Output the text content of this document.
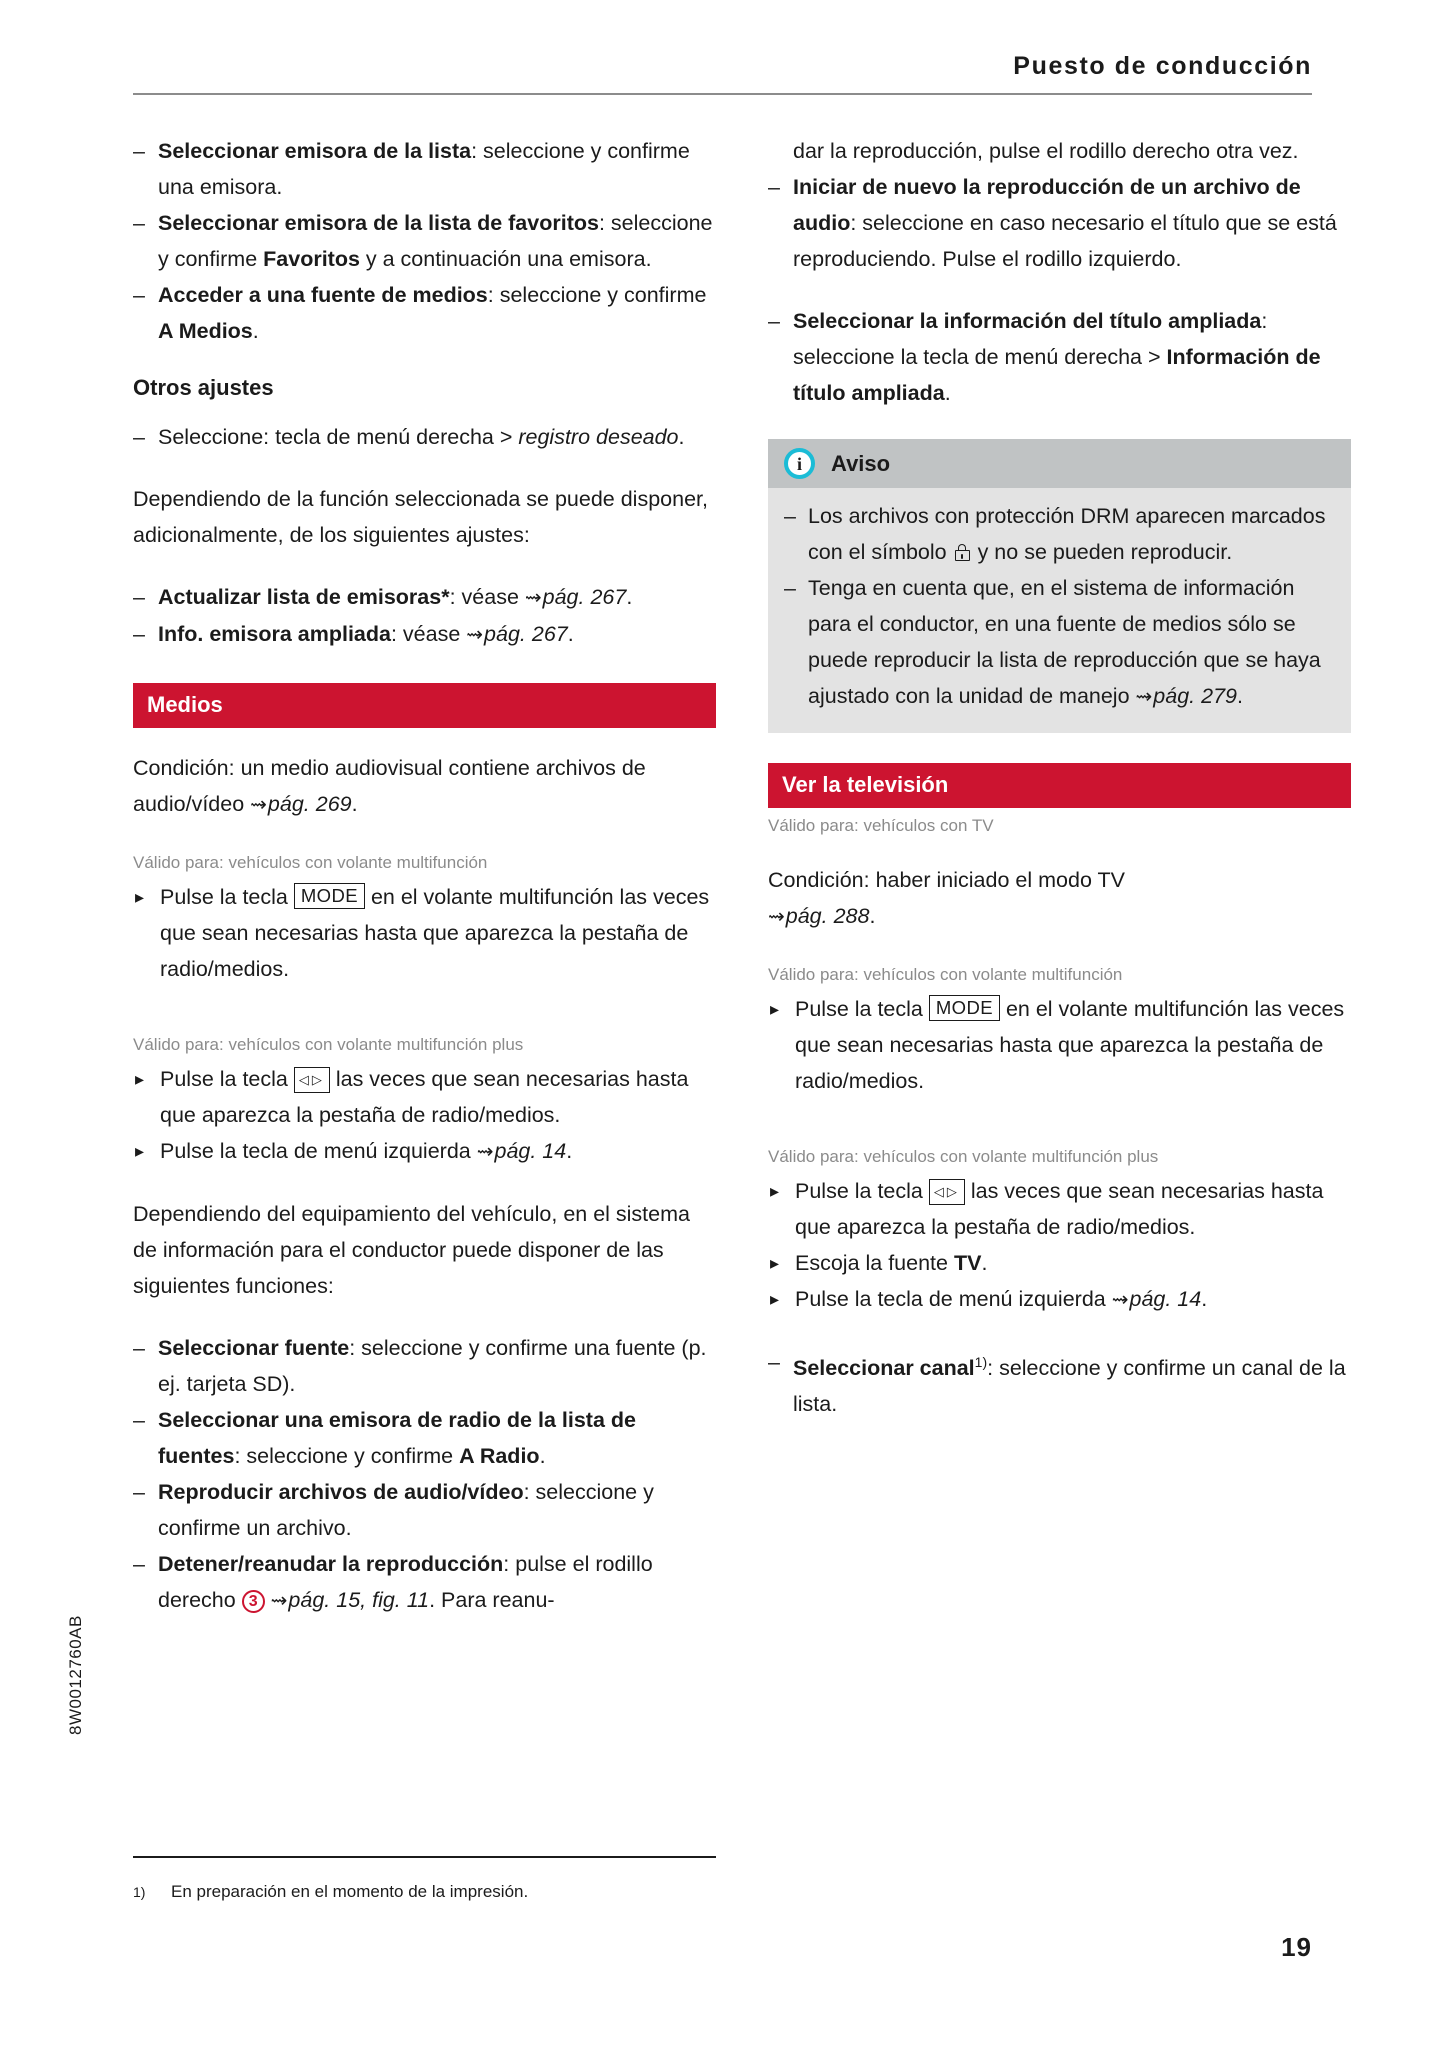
Puesto de conducción
– Seleccionar emisora de la lista: seleccione y confirme una emisora.
– Seleccionar emisora de la lista de favoritos: seleccione y confirme Favoritos y a continuación una emisora.
– Acceder a una fuente de medios: seleccione y confirme A Medios.
Otros ajustes
– Seleccione: tecla de menú derecha > registro deseado.

Dependiendo de la función seleccionada se puede disponer, adicionalmente, de los siguientes ajustes:

– Actualizar lista de emisoras*: véase ⇝pág. 267.
– Info. emisora ampliada: véase ⇝pág. 267.
Medios

Condición: un medio audiovisual contiene archivos de audio/vídeo ⇝pág. 269.

Válido para: vehículos con volante multifunción
▸ Pulse la tecla MODE en el volante multifunción las veces que sean necesarias hasta que aparezca la pestaña de radio/medios.
Válido para: vehículos con volante multifunción plus
▸ Pulse la tecla ◁▷ las veces que sean necesarias hasta que aparezca la pestaña de radio/medios.
▸ Pulse la tecla de menú izquierda ⇝pág. 14.

Dependiendo del equipamiento del vehículo, en el sistema de información para el conductor puede disponer de las siguientes funciones:

– Seleccionar fuente: seleccione y confirme una fuente (p. ej. tarjeta SD).
– Seleccionar una emisora de radio de la lista de fuentes: seleccione y confirme A Radio.
– Reproducir archivos de audio/vídeo: seleccione y confirme un archivo.
– Detener/reanudar la reproducción: pulse el rodillo derecho 3 ⇝pág. 15, fig. 11. Para reanu-
dar la reproducción, pulse el rodillo derecho otra vez.
– Iniciar de nuevo la reproducción de un archivo de audio: seleccione en caso necesario el título que se está reproduciendo. Pulse el rodillo izquierdo.
– Seleccionar la información del título ampliada: seleccione la tecla de menú derecha > Información de título ampliada.
i Aviso
– Los archivos con protección DRM aparecen marcados con el símbolo
y no se pueden reproducir.
– Tenga en cuenta que, en el sistema de información para el conductor, en una fuente de medios sólo se puede reproducir la lista de reproducción que se haya ajustado con la unidad de manejo ⇝pág. 279.
Ver la televisión
Válido para: vehículos con TV

Condición: haber iniciado el modo TV
⇝pág. 288.

Válido para: vehículos con volante multifunción
▸ Pulse la tecla MODE en el volante multifunción las veces que sean necesarias hasta que aparezca la pestaña de radio/medios.
Válido para: vehículos con volante multifunción plus
▸ Pulse la tecla ◁▷ las veces que sean necesarias hasta que aparezca la pestaña de radio/medios.
▸ Escoja la fuente TV.
▸ Pulse la tecla de menú izquierda ⇝pág. 14.
– Seleccionar canal$^{1)}$: seleccione y confirme un canal de la lista.
$^{1)}$ En preparación en el momento de la impresión.
19
8W0012760AB
